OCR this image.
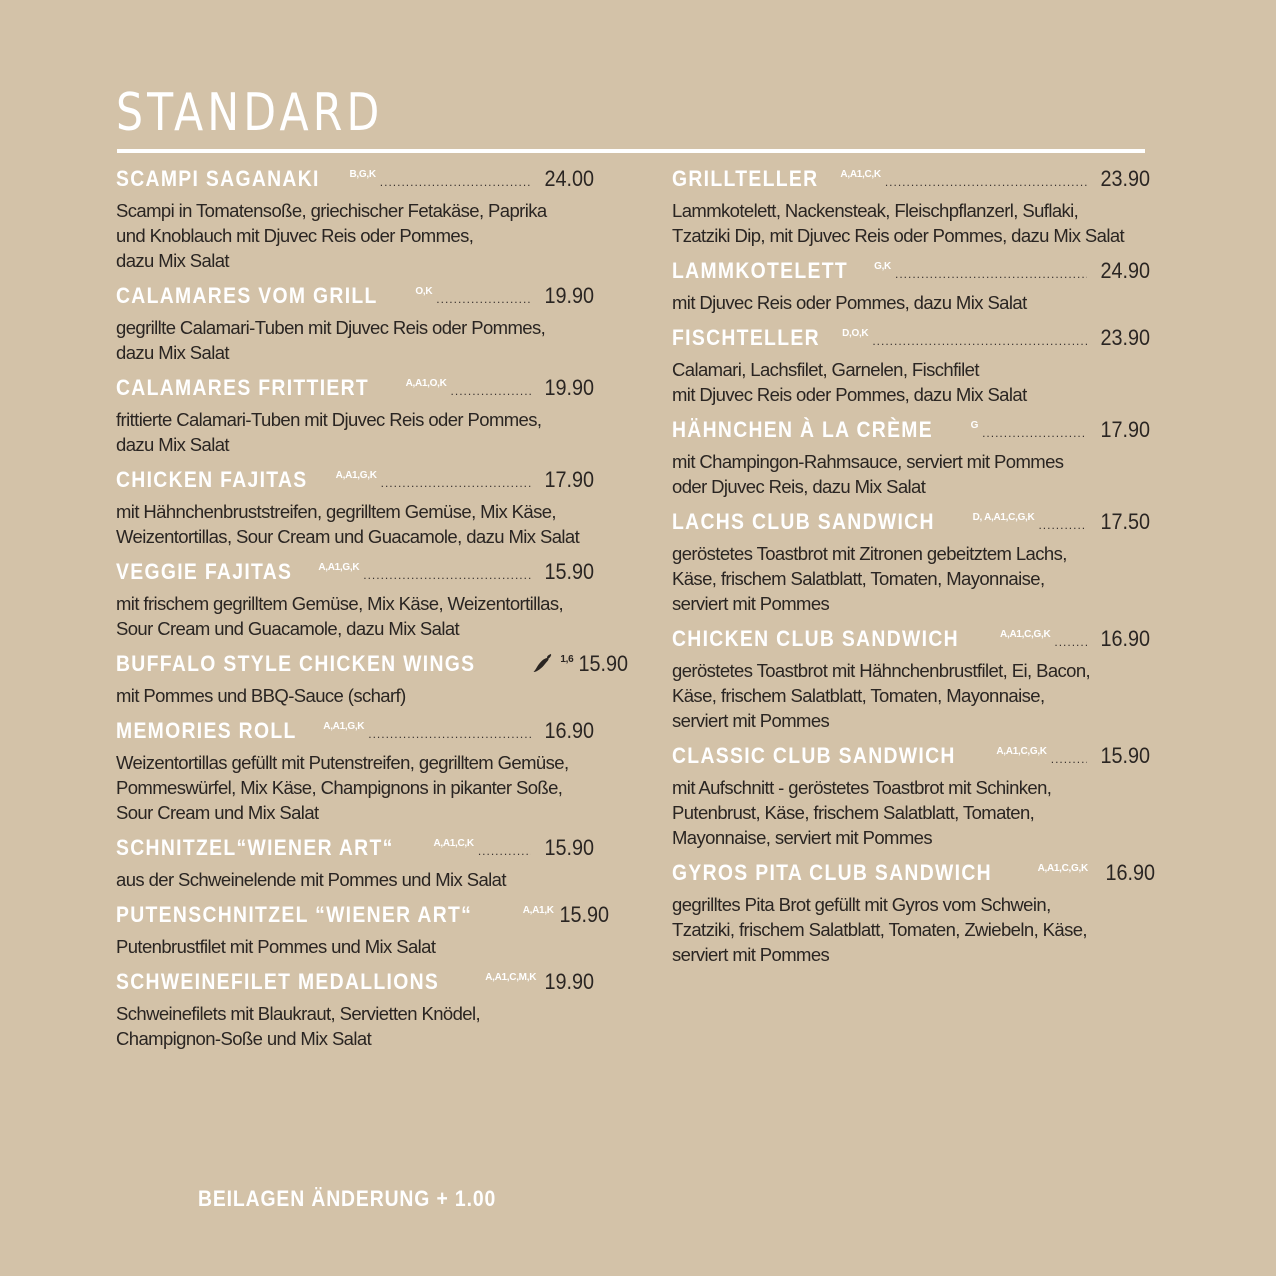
STANDARD
SCAMPI SAGANAKI	B,G,K .....	24.00
Scampi in Tomatensoße, griechischer Fetakäse, Paprika
und Knoblauch mit Djuvec Reis oder Pommes,
dazu Mix Salat
CALAMARES VOM GRILL	O,K .....	19.90
gegrillte Calamari-Tuben mit Djuvec Reis oder Pommes,
dazu Mix Salat
CALAMARES FRITTIERT	A,A1,O,K .....	19.90
frittierte Calamari-Tuben mit Djuvec Reis oder Pommes,
dazu Mix Salat
CHICKEN FAJITAS	A,A1,G,K .....	17.90
mit Hähnchenbruststreifen, gegrilltem Gemüse, Mix Käse,
Weizentortillas, Sour Cream und Guacamole, dazu Mix Salat
VEGGIE FAJITAS	A,A1,G,K .....	15.90
mit frischem gegrilltem Gemüse, Mix Käse, Weizentortillas,
Sour Cream und Guacamole, dazu Mix Salat
BUFFALO STYLE CHICKEN WINGS	1,6 15.90
mit Pommes und BBQ-Sauce (scharf)
MEMORIES ROLL	A,A1,G,K .....	16.90
Weizentortillas gefüllt mit Putenstreifen, gegrilltem Gemüse,
Pommeswürfel, Mix Käse, Champignons in pikanter Soße,
Sour Cream und Mix Salat
SCHNITZEL“WIENER ART“	A,A1,C,K .....	15.90
aus der Schweinelende mit Pommes und Mix Salat
PUTENSCHNITZEL “WIENER ART“	A,A1,K 15.90
Putenbrustfilet mit Pommes und Mix Salat
SCHWEINEFILET MEDALLIONS	A,A1,C,M,K 19.90
Schweinefilets mit Blaukraut, Servietten Knödel,
Champignon-Soße und Mix Salat
GRILLTELLER A,A1,C,K .....	23.90
Lammkotelett, Nackensteak, Fleischpflanzerl, Suflaki,
Tzatziki Dip, mit Djuvec Reis oder Pommes, dazu Mix Salat
LAMMKOTELETT	G,K .....	24.90
mit Djuvec Reis oder Pommes, dazu Mix Salat
FISCHTELLER D,O,K .....	23.90
Calamari, Lachsfilet, Garnelen, Fischfilet
mit Djuvec Reis oder Pommes, dazu Mix Salat
HÄHNCHEN À LA CRÈME	G .....	17.90
mit Champingon-Rahmsauce, serviert mit Pommes
oder Djuvec Reis, dazu Mix Salat
LACHS CLUB SANDWICH	D, A,A1,C,G,K .....	17.50
geröstetes Toastbrot mit Zitronen gebeitztem Lachs,
Käse, frischem Salatblatt, Tomaten, Mayonnaise,
serviert mit Pommes
CHICKEN CLUB SANDWICH	A,A1,C,G,K ..... 16.90
geröstetes Toastbrot mit Hähnchenbrustfilet, Ei, Bacon,
Käse, frischem Salatblatt, Tomaten, Mayonnaise,
serviert mit Pommes
CLASSIC CLUB SANDWICH	A,A1,C,G,K ..... 15.90
mit Aufschnitt - geröstetes Toastbrot mit Schinken,
Putenbrust, Käse, frischem Salatblatt, Tomaten,
Mayonnaise, serviert mit Pommes
GYROS PITA CLUB SANDWICH	A,A1,C,G,K 16.90
gegrilltes Pita Brot gefüllt mit Gyros vom Schwein,
Tzatziki, frischem Salatblatt, Tomaten, Zwiebeln, Käse,
serviert mit Pommes
BEILAGEN ÄNDERUNG + 1.00
